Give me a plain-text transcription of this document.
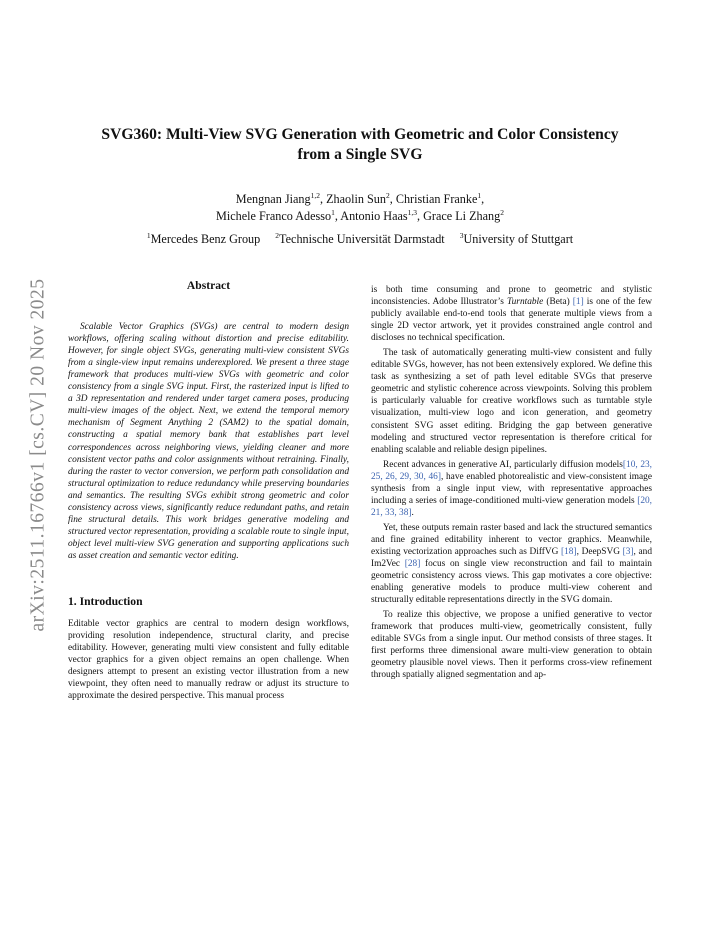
arXiv:2511.16766v1 [cs.CV] 20 Nov 2025
SVG360: Multi-View SVG Generation with Geometric and Color Consistency
from a Single SVG
Mengnan Jiang$^{1,2}$, Zhaolin Sun$^2$, Christian Franke$^1$,
Michele Franco Adesso$^1$, Antonio Haas$^{1,3}$, Grace Li Zhang$^2$
$^1$Mercedes Benz Group $^2$Technische Universität Darmstadt $^3$University of Stuttgart
Abstract

Scalable Vector Graphics (SVGs) are central to modern design workflows, offering scaling without distortion and precise editability. However, for single object SVGs, generating multi-view consistent SVGs from a single-view input remains underexplored. We present a three stage framework that produces multi-view SVGs with geometric and color consistency from a single SVG input. First, the rasterized input is lifted to a 3D representation and rendered under target camera poses, producing multi-view images of the object. Next, we extend the temporal memory mechanism of Segment Anything 2 (SAM2) to the spatial domain, constructing a spatial memory bank that establishes part level correspondences across neighboring views, yielding cleaner and more consistent vector paths and color assignments without retraining. Finally, during the raster to vector conversion, we perform path consolidation and structural optimization to reduce redundancy while preserving boundaries and semantics. The resulting SVGs exhibit strong geometric and color consistency across views, significantly reduce redundant paths, and retain fine structural details. This work bridges generative modeling and structured vector representation, providing a scalable route to single input, object level multi-view SVG generation and supporting applications such as asset creation and semantic vector editing.

1. Introduction

Editable vector graphics are central to modern design workflows, providing resolution independence, structural clarity, and precise editability. However, generating multi view consistent and fully editable vector graphics for a given object remains an open challenge. When designers attempt to present an existing vector illustration from a new viewpoint, they often need to manually redraw or adjust its structure to approximate the desired perspective. This manual process

is both time consuming and prone to geometric and stylistic inconsistencies. Adobe Illustrator’s Turntable (Beta) [1] is one of the few publicly available end-to-end tools that generate multiple views from a single 2D vector artwork, yet it provides constrained angle control and discloses no technical specification.

The task of automatically generating multi-view consistent and fully editable SVGs, however, has not been extensively explored. We define this task as synthesizing a set of path level editable SVGs that preserve geometric and stylistic coherence across viewpoints. Solving this problem is particularly valuable for creative workflows such as turntable style visualization, multi-view logo and icon generation, and geometry consistent SVG asset editing. Bridging the gap between generative modeling and structured vector representation is therefore critical for enabling scalable and reliable design pipelines.

Recent advances in generative AI, particularly diffusion models[10, 23, 25, 26, 29, 30, 46], have enabled photorealistic and view-consistent image synthesis from a single input view, with representative approaches including a series of image-conditioned multi-view generation models [20, 21, 33, 38].

Yet, these outputs remain raster based and lack the structured semantics and fine grained editability inherent to vector graphics. Meanwhile, existing vectorization approaches such as DiffVG [18], DeepSVG [3], and Im2Vec [28] focus on single view reconstruction and fail to maintain geometric consistency across views. This gap motivates a core objective: enabling generative models to produce multi-view coherent and structurally editable representations directly in the SVG domain.

To realize this objective, we propose a unified generative to vector framework that produces multi-view, geometrically consistent, fully editable SVGs from a single input. Our method consists of three stages. It first performs three dimensional aware multi-view generation to obtain geometry plausible novel views. Then it performs cross-view refinement through spatially aligned segmentation and ap-
